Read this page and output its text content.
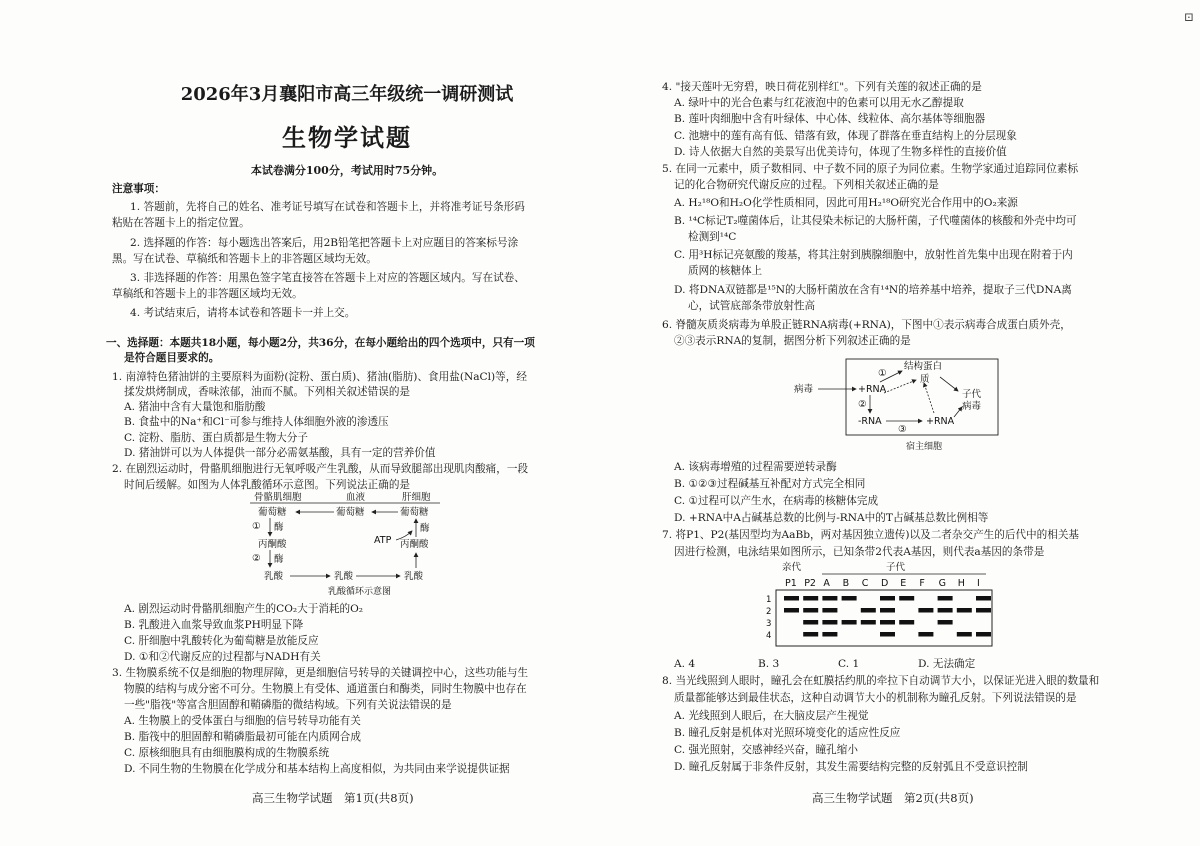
2026年3月襄阳市高三年级统一调研测试
生物学试题
本试卷满分100分，考试用时75分钟。
注意事项：
1. 答题前，先将自己的姓名、准考证号填写在试卷和答题卡上，并将准考证号条形码
粘贴在答题卡上的指定位置。
2. 选择题的作答：每小题选出答案后，用2B铅笔把答题卡上对应题目的答案标号涂
黑。写在试卷、草稿纸和答题卡上的非答题区域均无效。
3. 非选择题的作答：用黑色签字笔直接答在答题卡上对应的答题区域内。写在试卷、
草稿纸和答题卡上的非答题区域均无效。
4. 考试结束后，请将本试卷和答题卡一并上交。
一、选择题：本题共18小题，每小题2分，共36分，在每小题给出的四个选项中，只有一项
是符合题目要求的。
1. 南漳特色猪油饼的主要原料为面粉(淀粉、蛋白质)、猪油(脂肪)、食用盐(NaCl)等，经
揉发烘烤制成，香味浓郁，油而不腻。下列相关叙述错误的是
A. 猪油中含有大量饱和脂肪酸
B. 食盐中的Na⁺和Cl⁻可参与维持人体细胞外液的渗透压
C. 淀粉、脂肪、蛋白质都是生物大分子
D. 猪油饼可以为人体提供一部分必需氨基酸，具有一定的营养价值
2. 在剧烈运动时，骨骼肌细胞进行无氧呼吸产生乳酸，从而导致腿部出现肌肉酸痛，一段
时间后缓解。如图为人体乳酸循环示意图。下列说法正确的是
骨骼肌细胞	血液	肝细胞
葡萄糖	葡萄糖	葡萄糖
① 酶
丙酮酸
② 酶
乳酸	乳酸	乳酸
丙酮酸
酶
ATP
乳酸循环示意图
A. 剧烈运动时骨骼肌细胞产生的CO₂大于消耗的O₂
B. 乳酸进入血浆导致血浆PH明显下降
C. 肝细胞中乳酸转化为葡萄糖是放能反应
D. ①和②代谢反应的过程都与NADH有关
3. 生物膜系统不仅是细胞的物理屏障，更是细胞信号转导的关键调控中心，这些功能与生
物膜的结构与成分密不可分。生物膜上有受体、通道蛋白和酶类，同时生物膜中也存在
一些"脂筏"等富含胆固醇和鞘磷脂的微结构域。下列有关说法错误的是
A. 生物膜上的受体蛋白与细胞的信号转导功能有关
B. 脂筏中的胆固醇和鞘磷脂最初可能在内质网合成
C. 原核细胞具有由细胞膜构成的生物膜系统
D. 不同生物的生物膜在化学成分和基本结构上高度相似，为共同由来学说提供证据
高三生物学试题　第1页(共8页)
4. "接天莲叶无穷碧，映日荷花别样红"。下列有关莲的叙述正确的是
A. 绿叶中的光合色素与红花液泡中的色素可以用无水乙醇提取
B. 莲叶肉细胞中含有叶绿体、中心体、线粒体、高尔基体等细胞器
C. 池塘中的莲有高有低、错落有致，体现了群落在垂直结构上的分层现象
D. 诗人依据大自然的美景写出优美诗句，体现了生物多样性的直接价值
5. 在同一元素中，质子数相同、中子数不同的原子为同位素。生物学家通过追踪同位素标
记的化合物研究代谢反应的过程。下列相关叙述正确的是
A. H₂¹⁸O和H₂O化学性质相同，因此可用H₂¹⁸O研究光合作用中的O₂来源
B. ¹⁴C标记T₂噬菌体后，让其侵染未标记的大肠杆菌，子代噬菌体的核酸和外壳中均可
检测到¹⁴C
C. 用³H标记亮氨酸的羧基，将其注射到胰腺细胞中，放射性首先集中出现在附着于内
质网的核糖体上
D. 将DNA双链都是¹⁵N的大肠杆菌放在含有¹⁴N的培养基中培养，提取子三代DNA离
心，试管底部条带放射性高
6. 脊髓灰质炎病毒为单股正链RNA病毒(+RNA)，下图中①表示病毒合成蛋白质外壳，
②③表示RNA的复制，据图分析下列叙述正确的是
病毒	+RNA
①
结构蛋白
质
②
-RNA
③
+RNA
子代
病毒
宿主细胞
A. 该病毒增殖的过程需要逆转录酶
B. ①②③过程碱基互补配对方式完全相同
C. ①过程可以产生水，在病毒的核糖体完成
D. +RNA中A占碱基总数的比例与-RNA中的T占碱基总数比例相等
7. 将P1、P2(基因型均为AaBb，两对基因独立遗传)以及二者杂交产生的后代中的相关基
因进行检测，电泳结果如图所示，已知条带2代表A基因，则代表a基因的条带是
亲代	子代
P1 P2 A B C D E F G H I
1
2
3
4
A. 4	B. 3	C. 1	D. 无法确定
8. 当光线照到人眼时，瞳孔会在虹膜括约肌的牵拉下自动调节大小，以保证光进入眼的数量和
质量都能够达到最佳状态，这种自动调节大小的机制称为瞳孔反射。下列说法错误的是
A. 光线照到人眼后，在大脑皮层产生视觉
B. 瞳孔反射是机体对光照环境变化的适应性反应
C. 强光照射，交感神经兴奋，瞳孔缩小
D. 瞳孔反射属于非条件反射，其发生需要结构完整的反射弧且不受意识控制
高三生物学试题　第2页(共8页)
⊡
